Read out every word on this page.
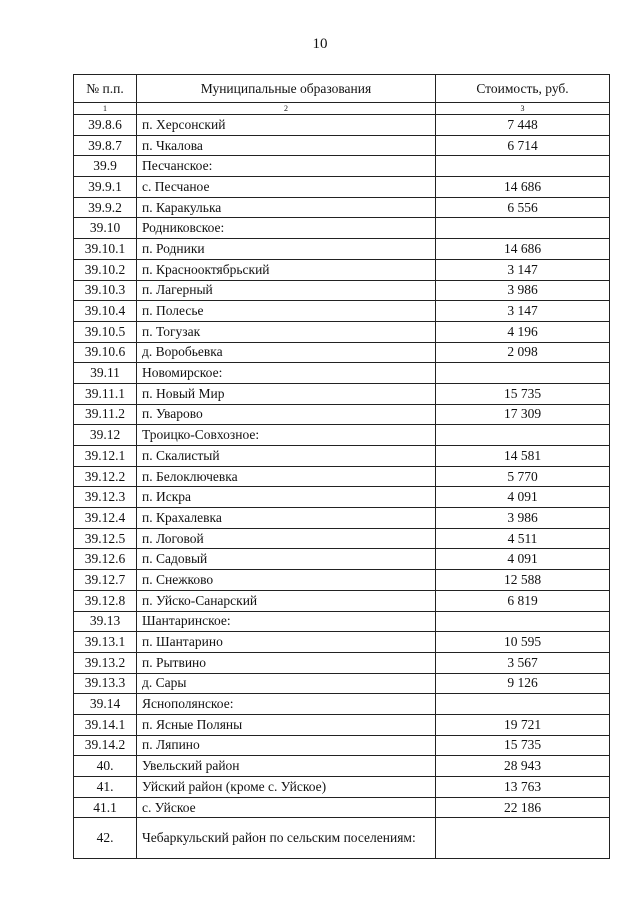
10
№ п.п.	Муниципальные образования	Стоимость, руб.
1	2	3
39.8.6	п. Херсонский	7 448
39.8.7	п. Чкалова	6 714
39.9	Песчанское:	
39.9.1	с. Песчаное	14 686
39.9.2	п. Каракулька	6 556
39.10	Родниковское:	
39.10.1	п. Родники	14 686
39.10.2	п. Краснооктябрьский	3 147
39.10.3	п. Лагерный	3 986
39.10.4	п. Полесье	3 147
39.10.5	п. Тогузак	4 196
39.10.6	д. Воробьевка	2 098
39.11	Новомирское:	
39.11.1	п. Новый Мир	15 735
39.11.2	п. Уварово	17 309
39.12	Троицко-Совхозное:	
39.12.1	п. Скалистый	14 581
39.12.2	п. Белоключевка	5 770
39.12.3	п. Искра	4 091
39.12.4	п. Крахалевка	3 986
39.12.5	п. Логовой	4 511
39.12.6	п. Садовый	4 091
39.12.7	п. Снежково	12 588
39.12.8	п. Уйско-Санарский	6 819
39.13	Шантаринское:	
39.13.1	п. Шантарино	10 595
39.13.2	п. Рытвино	3 567
39.13.3	д. Сары	9 126
39.14	Яснополянское:	
39.14.1	п. Ясные Поляны	19 721
39.14.2	п. Ляпино	15 735
40.	Увельский район	28 943
41.	Уйский район (кроме с. Уйское)	13 763
41.1	с. Уйское	22 186
42.	Чебаркульский район по сельским поселениям:	
